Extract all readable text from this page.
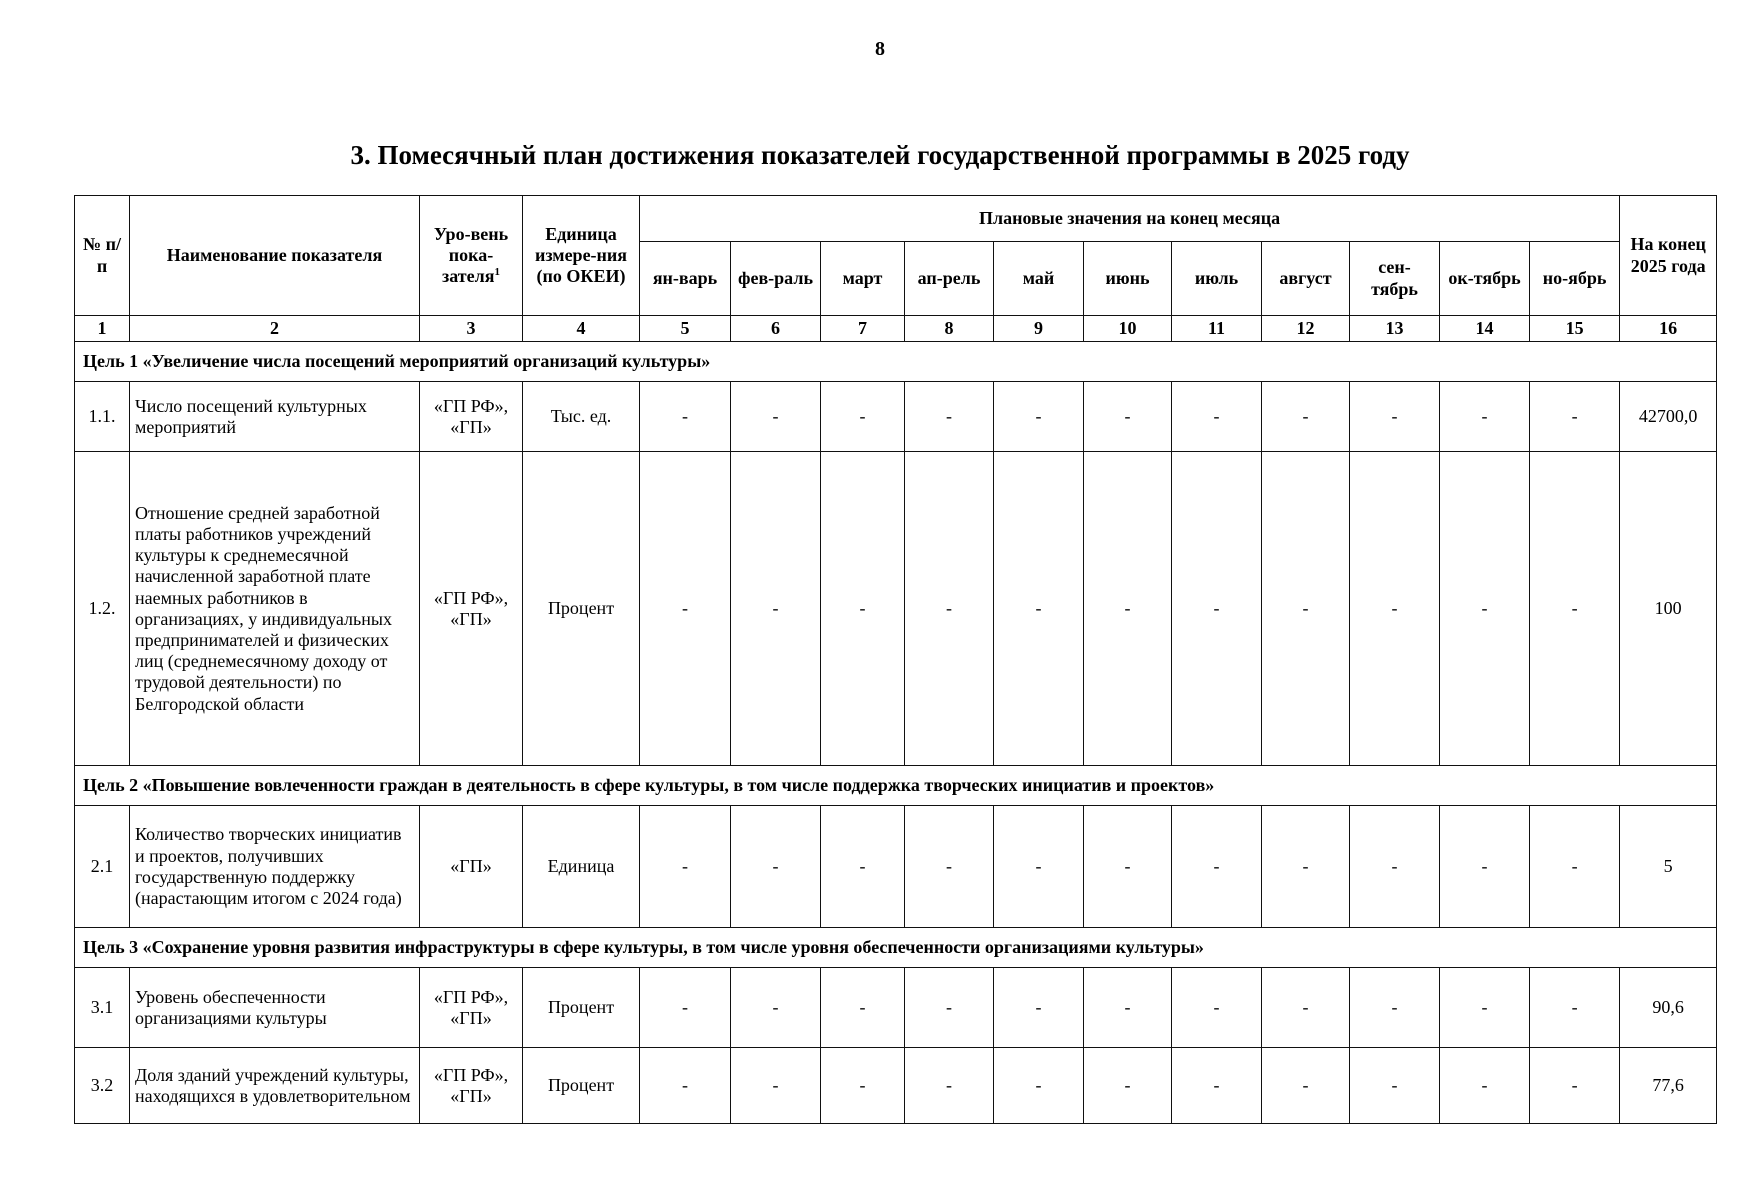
8
3. Помесячный план достижения показателей государственной программы в 2025 году
№ п/п	Наименование показателя	Уро-вень пока-зателя$^1$	Единица измере-ния (по ОКЕИ)	Плановые значения на конец месяца											На конец 2025 года
				ян-варь	фев-раль	март	ап-рель	май	июнь	июль	август	сен-тябрь	ок-тябрь	но-ябрь	
1	2	3	4	5	6	7	8	9	10	11	12	13	14	15	16
Цель 1 «Увеличение числа посещений мероприятий организаций культуры»															
1.1.	Число посещений культурных мероприятий	«ГП РФ», «ГП»	Тыс. ед.	-	-	-	-	-	-	-	-	-	-	-	42700,0
1.2.	Отношение средней заработной платы работников учреждений культуры к среднемесячной начисленной заработной плате наемных работников в организациях, у индивидуальных предпринимателей и физических лиц (среднемесячному доходу от трудовой деятельности) по Белгородской области	«ГП РФ», «ГП»	Процент	-	-	-	-	-	-	-	-	-	-	-	100
Цель 2 «Повышение вовлеченности граждан в деятельность в сфере культуры, в том числе поддержка творческих инициатив и проектов»															
2.1	Количество творческих инициатив и проектов, получивших государственную поддержку (нарастающим итогом с 2024 года)	«ГП»	Единица	-	-	-	-	-	-	-	-	-	-	-	5
Цель 3 «Сохранение уровня развития инфраструктуры в сфере культуры, в том числе уровня обеспеченности организациями культуры»															
3.1	Уровень обеспеченности организациями культуры	«ГП РФ», «ГП»	Процент	-	-	-	-	-	-	-	-	-	-	-	90,6
3.2	Доля зданий учреждений культуры, находящихся в удовлетворительном	«ГП РФ», «ГП»	Процент	-	-	-	-	-	-	-	-	-	-	-	77,6
